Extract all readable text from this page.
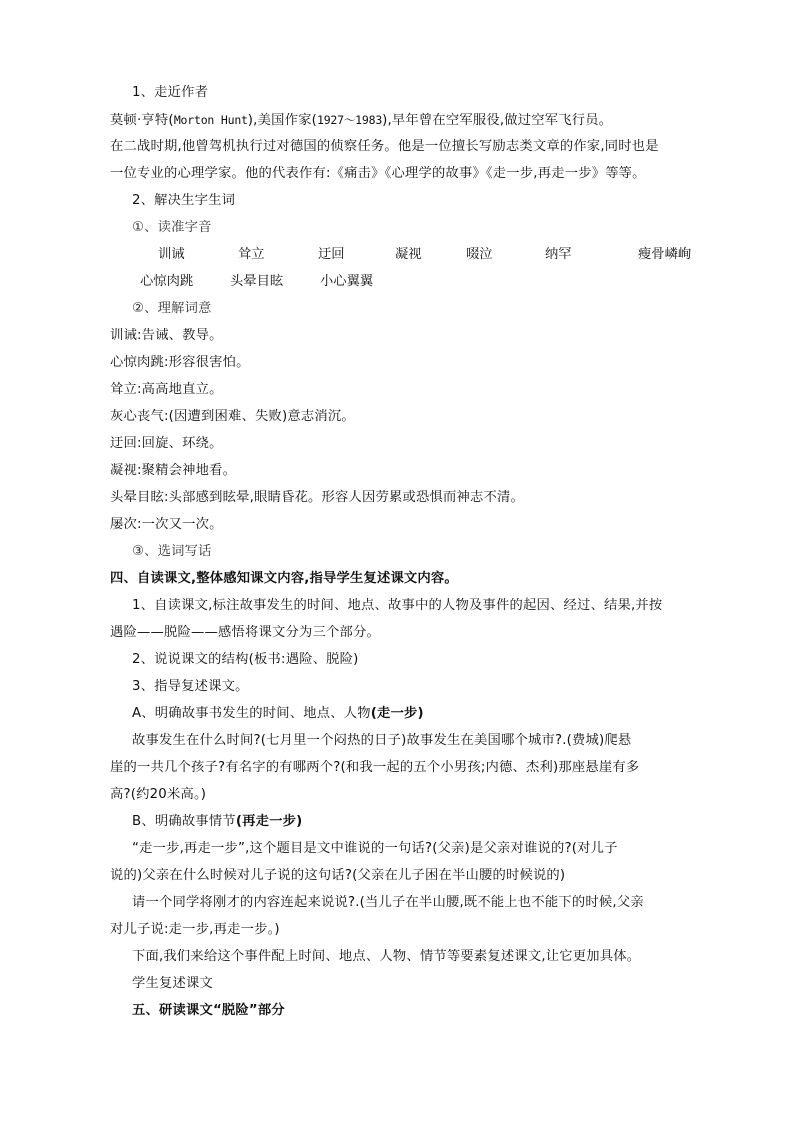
1、走近作者
莫顿·亨特(Morton Hunt),美国作家(1927～1983),早年曾在空军服役,做过空军飞行员。
在二战时期,他曾驾机执行过对德国的侦察任务。他是一位擅长写励志类文章的作家,同时也是
一位专业的心理学家。他的代表作有:《痛击》《心理学的故事》《走一步,再走一步》等等。
2、解决生字生词
①、读准字音
训诫	耸立	迂回	凝视	啜泣	纳罕	瘦骨嶙峋
心惊肉跳	头晕目眩	小心翼翼
②、理解词意
训诫:告诫、教导。
心惊肉跳:形容很害怕。
耸立:高高地直立。
灰心丧气:(因遭到困难、失败)意志消沉。
迂回:回旋、环绕。
凝视:聚精会神地看。
头晕目眩:头部感到眩晕,眼睛昏花。形容人因劳累或恐惧而神志不清。
屡次:一次又一次。
③、选词写话
四、自读课文,整体感知课文内容,指导学生复述课文内容。
1、自读课文,标注故事发生的时间、地点、故事中的人物及事件的起因、经过、结果,并按
遇险——脱险——感悟将课文分为三个部分。
2、说说课文的结构(板书:遇险、脱险)
3、指导复述课文。
A、明确故事书发生的时间、地点、人物(走一步)
故事发生在什么时间?(七月里一个闷热的日子)故事发生在美国哪个城市?.(费城)爬悬
崖的一共几个孩子?有名字的有哪两个?(和我一起的五个小男孩;内德、杰利)那座悬崖有多
高?(约20米高。)
B、明确故事情节(再走一步)
“走一步,再走一步”,这个题目是文中谁说的一句话?(父亲)是父亲对谁说的?(对儿子
说的)父亲在什么时候对儿子说的这句话?(父亲在儿子困在半山腰的时候说的)
请一个同学将刚才的内容连起来说说?.(当儿子在半山腰,既不能上也不能下的时候,父亲
对儿子说:走一步,再走一步。)
下面,我们来给这个事件配上时间、地点、人物、情节等要素复述课文,让它更加具体。
学生复述课文
五、研读课文“脱险”部分
